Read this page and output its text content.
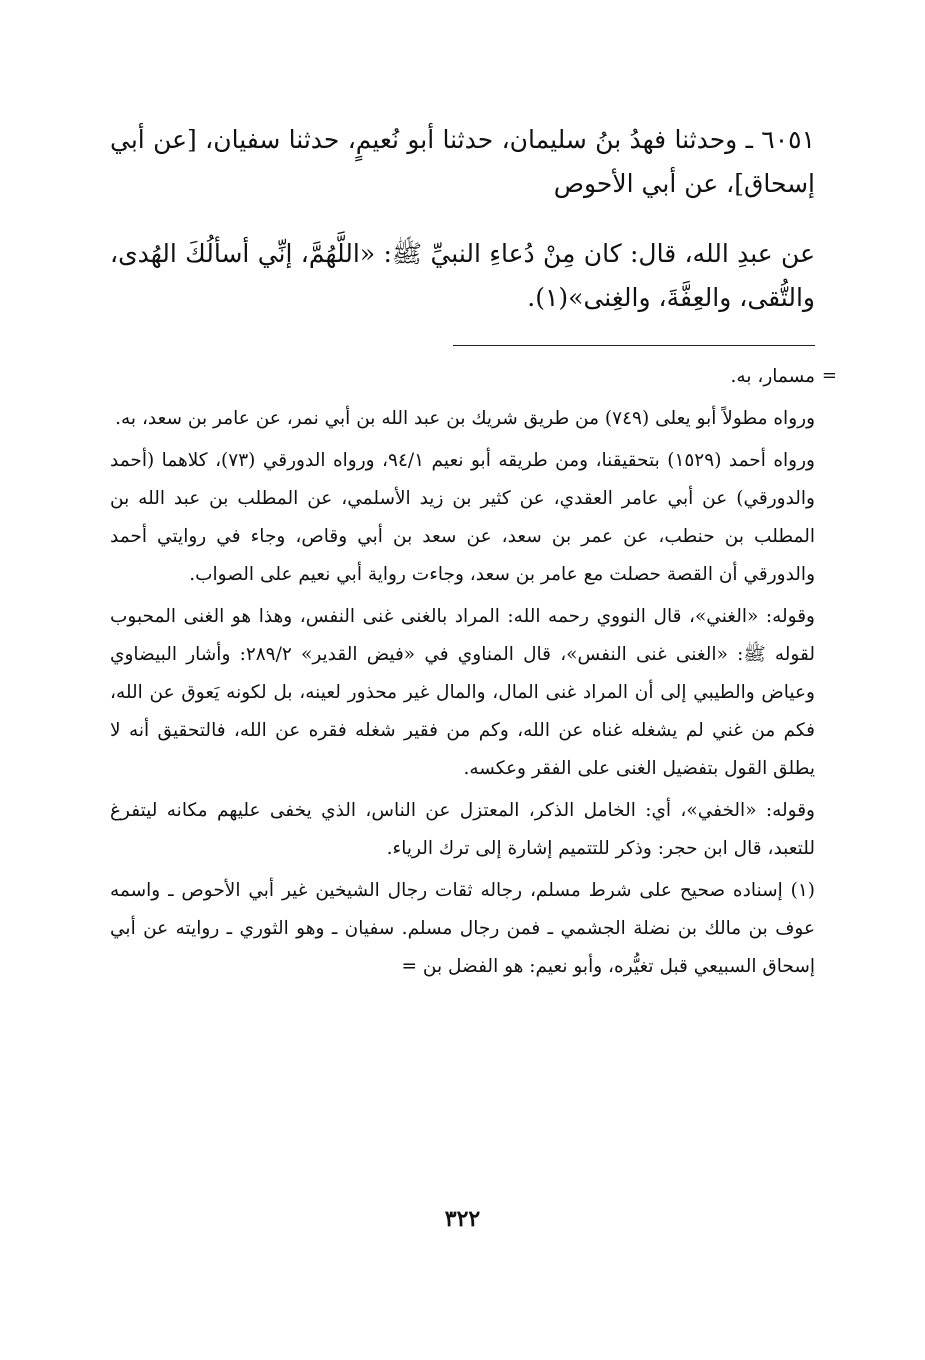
٦٠٥١ ـ وحدثنا فهدُ بنُ سليمان، حدثنا أبو نُعيمٍ، حدثنا سفيان، [عن أبي إسحاق]، عن أبي الأحوص
عن عبدِ الله، قال: كان مِنْ دُعاءِ النبيِّ ﷺ: «اللَّهُمَّ، إنِّي أسألُكَ الهُدى، والتُّقى، والعِفَّةَ، والغِنى»(١).
=

مسمار، به.

ورواه مطولاً أبو يعلى (٧٤٩) من طريق شريك بن عبد الله بن أبي نمر، عن عامر بن سعد، به.

ورواه أحمد (١٥٢٩) بتحقيقنا، ومن طريقه أبو نعيم ٩٤/١، ورواه الدورقي (٧٣)، كلاهما (أحمد والدورقي) عن أبي عامر العقدي، عن كثير بن زيد الأسلمي، عن المطلب بن عبد الله بن المطلب بن حنطب، عن عمر بن سعد، عن سعد بن أبي وقاص، وجاء في روايتي أحمد والدورقي أن القصة حصلت مع عامر بن سعد، وجاءت رواية أبي نعيم على الصواب.

وقوله: «الغني»، قال النووي رحمه الله: المراد بالغنى غنى النفس، وهذا هو الغنى المحبوب لقوله ﷺ: «الغنى غنى النفس»، قال المناوي في «فيض القدير» ٢٨٩/٢: وأشار البيضاوي وعياض والطيبي إلى أن المراد غنى المال، والمال غير محذور لعينه، بل لكونه يَعوق عن الله، فكم من غني لم يشغله غناه عن الله، وكم من فقير شغله فقره عن الله، فالتحقيق أنه لا يطلق القول بتفضيل الغنى على الفقر وعكسه.

وقوله: «الخفي»، أي: الخامل الذكر، المعتزل عن الناس، الذي يخفى عليهم مكانه ليتفرغ للتعبد، قال ابن حجر: وذكر للتتميم إشارة إلى ترك الرياء.

(١) إسناده صحيح على شرط مسلم، رجاله ثقات رجال الشيخين غير أبي الأحوص ـ واسمه عوف بن مالك بن نضلة الجشمي ـ فمن رجال مسلم. سفيان ـ وهو الثوري ـ روايته عن أبي إسحاق السبيعي قبل تغيُّره، وأبو نعيم: هو الفضل بن =

٣٢٢
